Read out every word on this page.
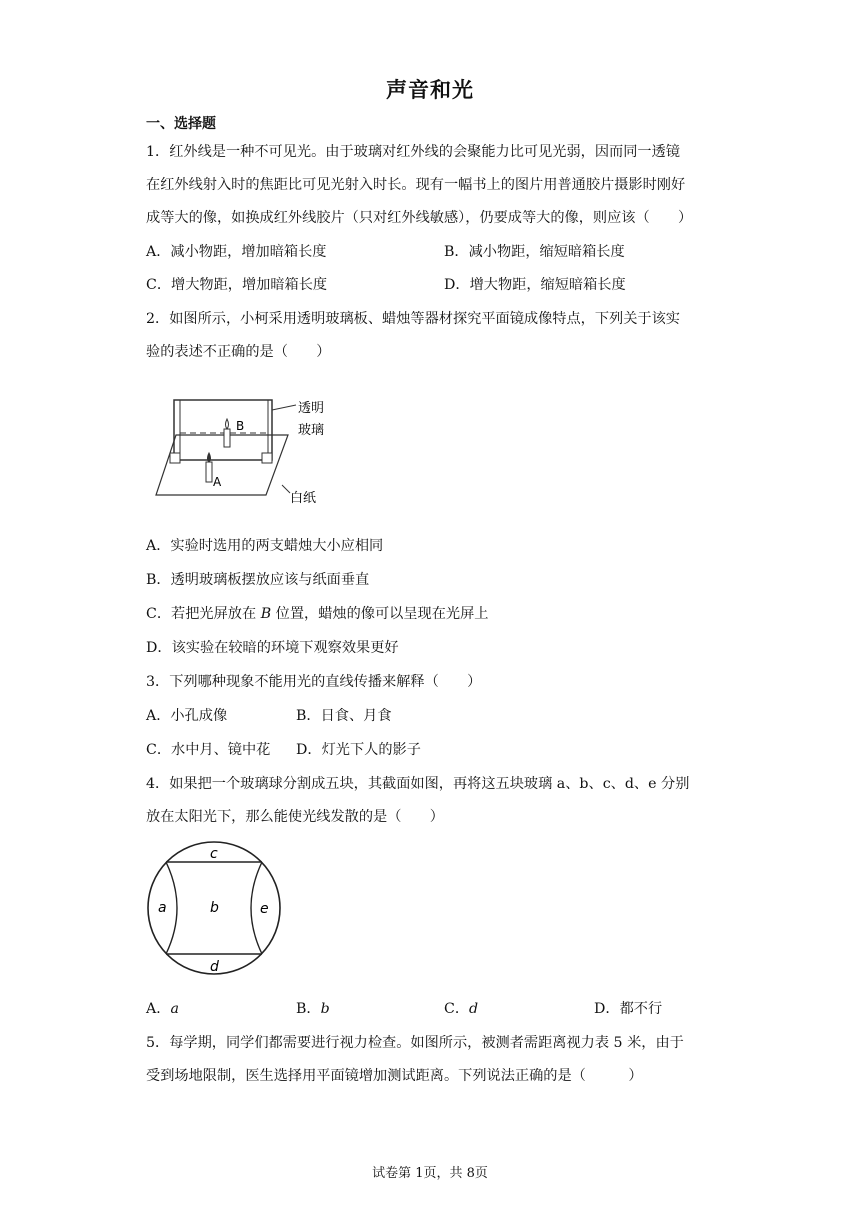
声音和光
一、选择题
1．红外线是一种不可见光。由于玻璃对红外线的会聚能力比可见光弱，因而同一透镜
在红外线射入时的焦距比可见光射入时长。现有一幅书上的图片用普通胶片摄影时刚好
成等大的像，如换成红外线胶片（只对红外线敏感），仍要成等大的像，则应该（　　）
A．减小物距，增加暗箱长度	B．减小物距，缩短暗箱长度
C．增大物距，增加暗箱长度	D．增大物距，缩短暗箱长度
2．如图所示，小柯采用透明玻璃板、蜡烛等器材探究平面镜成像特点，下列关于该实
验的表述不正确的是（　　）
B
A
透明
玻璃
白纸
A．实验时选用的两支蜡烛大小应相同
B．透明玻璃板摆放应该与纸面垂直
C．若把光屏放在 B 位置，蜡烛的像可以呈现在光屏上
D．该实验在较暗的环境下观察效果更好
3．下列哪种现象不能用光的直线传播来解释（　　）
A．小孔成像	B．日食、月食
C．水中月、镜中花 D．灯光下人的影子
4．如果把一个玻璃球分割成五块，其截面如图，再将这五块玻璃 a、b、c、d、e 分别
放在太阳光下，那么能使光线发散的是（　　）
c
a	b	e
d
A．a	B．b	C．d	D．都不行
5．每学期，同学们都需要进行视力检查。如图所示，被测者需距离视力表 5 米，由于
受到场地限制，医生选择用平面镜增加测试距离。下列说法正确的是（　　　）
试卷第 1页，共 8页
